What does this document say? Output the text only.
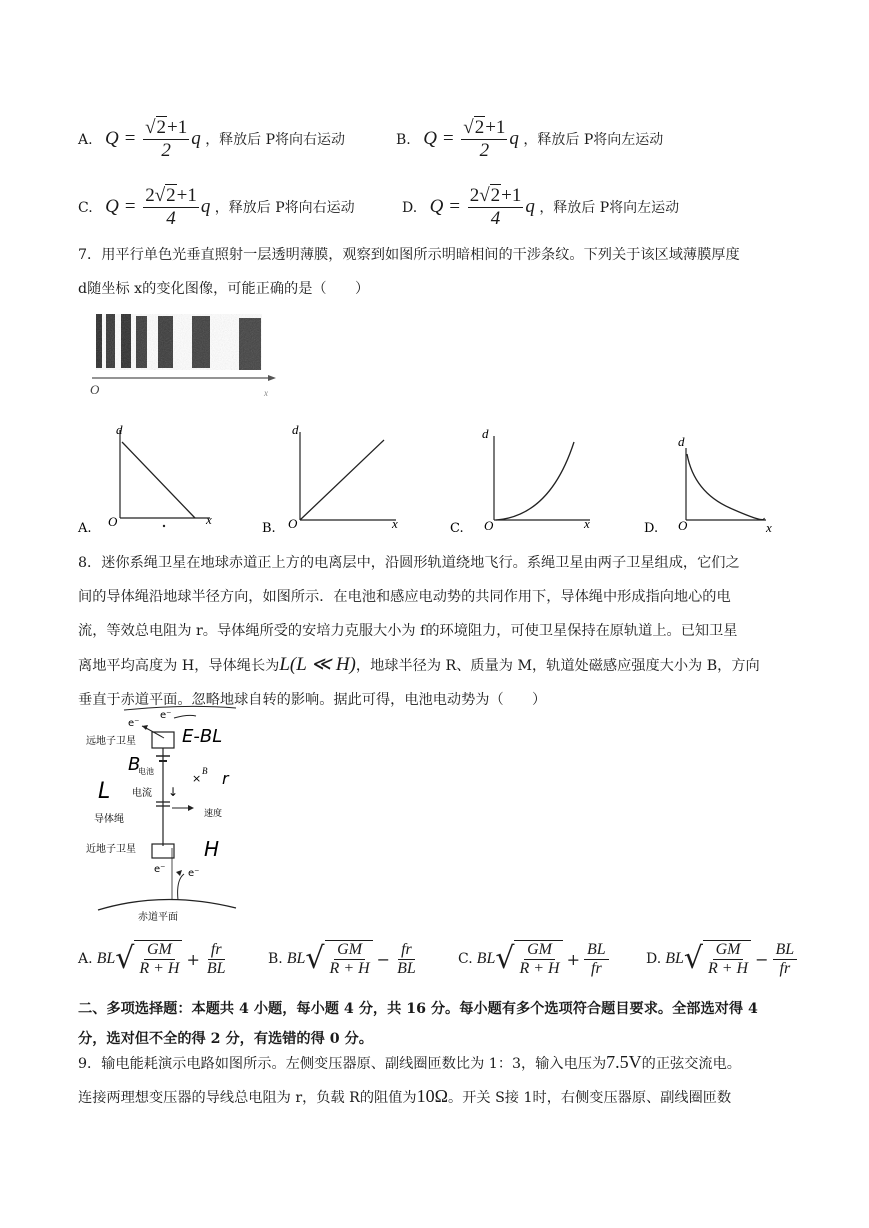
A. $Q = \frac{√2+1}{2}$ q ，释放后 P将向右运动	B. $Q = \frac{√2+1}{2}$ q ，释放后 P将向左运动
C. $Q = \frac{2√2+1}{4}$ q ，释放后 P将向右运动	D. $Q = \frac{2√2+1}{4}$ q ，释放后 P将向左运动
7．用平行单色光垂直照射一层透明薄膜，观察到如图所示明暗相间的干涉条纹。下列关于该区域薄膜厚度
d随坐标 x的变化图像，可能正确的是（　　）
O	x
A.
d
O	x
B.
d
O	x	C.
d
O	x	D.
d
O	x
8．迷你系绳卫星在地球赤道正上方的电离层中，沿圆形轨道绕地飞行。系绳卫星由两子卫星组成，它们之
间的导体绳沿地球半径方向，如图所示．在电池和感应电动势的共同作用下，导体绳中形成指向地心的电
流，等效总电阻为 r。导体绳所受的安培力克服大小为 f的环境阻力，可使卫星保持在原轨道上。已知卫星
离地平均高度为 H，导体绳长为L(L ≪ H)，地球半径为 R、质量为 M，轨道处磁感应强度大小为 B，方向
垂直于赤道平面。忽略地球自转的影响。据此可得，电池电动势为（　　）
e⁻
e⁻
远地子卫星	E-BL
B
电池	B
× r
L 电流 ↓
速度
导体绳
H
近地子卫星
e⁻ e⁻
赤道平面
A. BL √ $\frac{GM}{R + H} + \frac{fr}{BL}$	B. BL √ $\frac{GM}{R + H} - \frac{fr}{BL}$	C. BL √ $\frac{GM}{R + H} + \frac{BL}{fr}$	D. BL √ $\frac{GM}{R + H} - \frac{BL}{fr}$
二、多项选择题：本题共 4 小题，每小题 4 分，共 16 分。每小题有多个选项符合题目要求。全部选对得 4
分，选对但不全的得 2 分，有选错的得 0 分。
9．输电能耗演示电路如图所示。左侧变压器原、副线圈匝数比为 1：3，输入电压为7.5V的正弦交流电。
连接两理想变压器的导线总电阻为 r，负载 R的阻值为10Ω。开关 S接 1时，右侧变压器原、副线圈匝数
